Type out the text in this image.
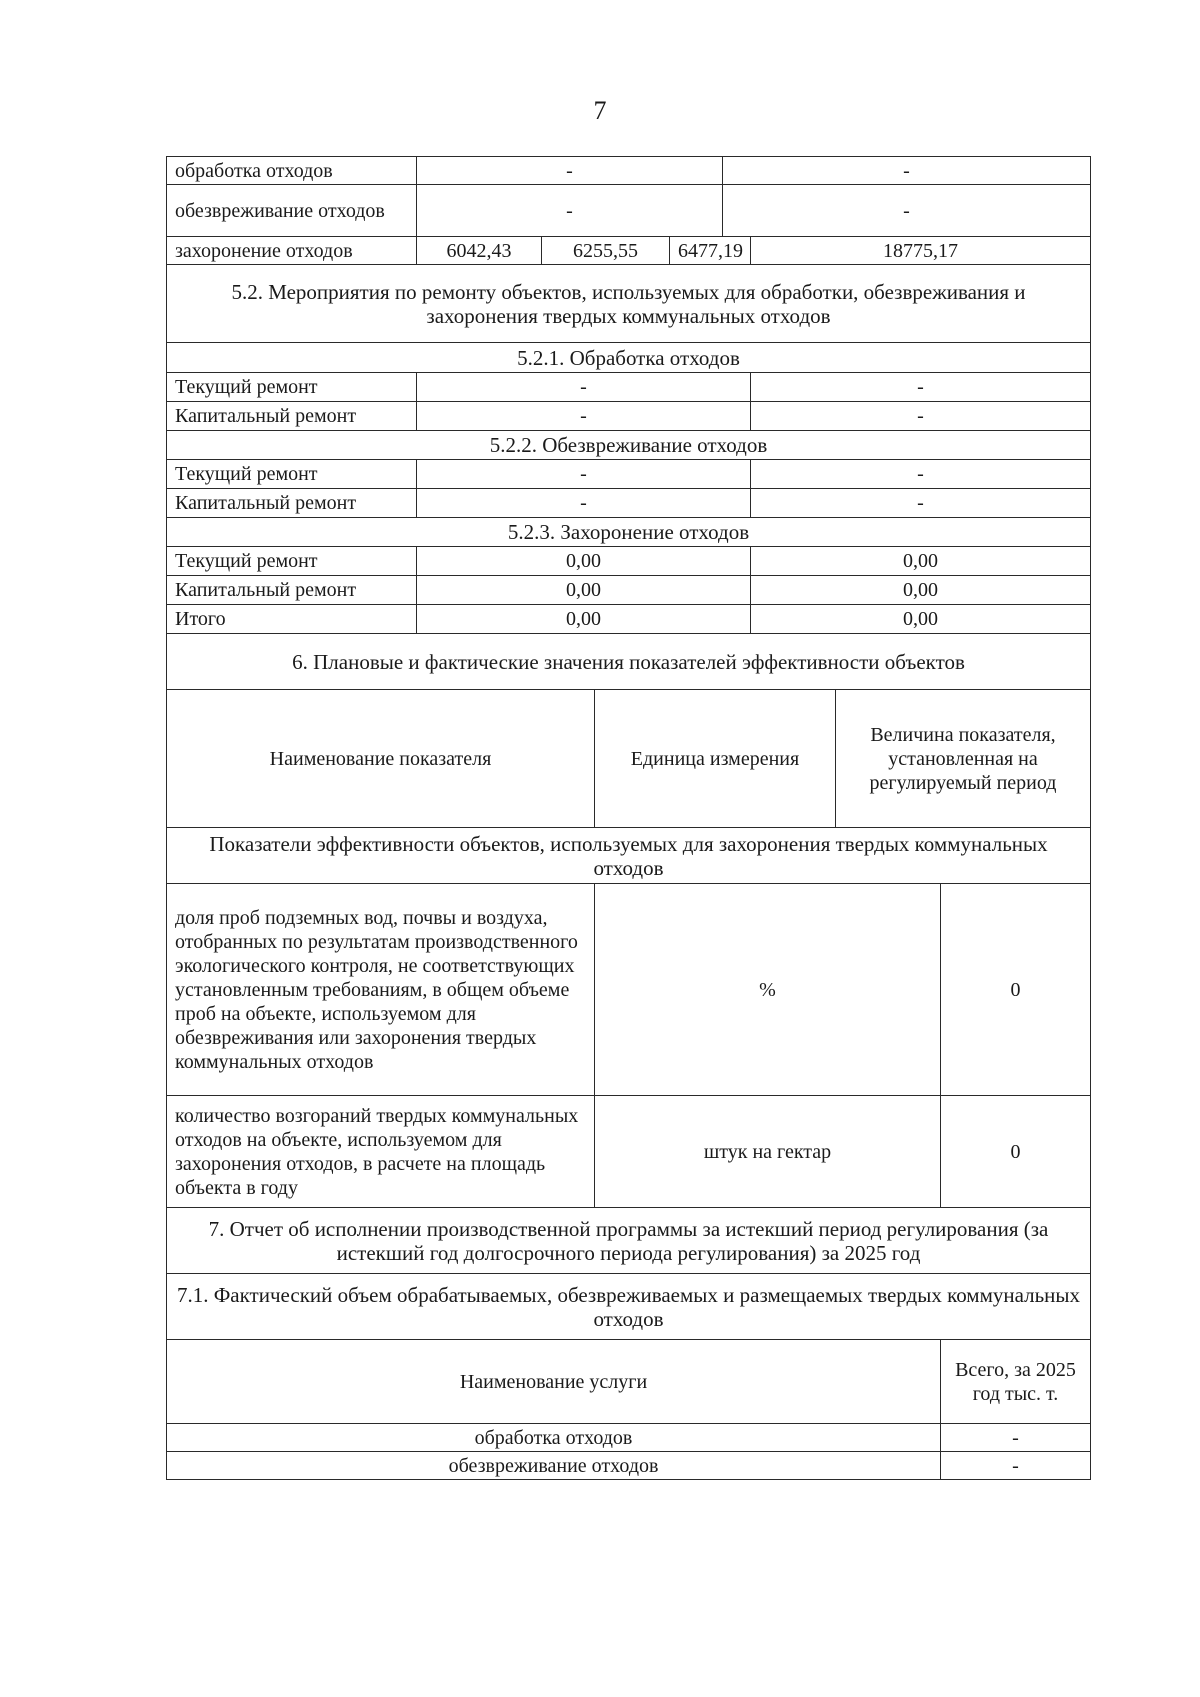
7
обработка отходов	-				-			
обезвреживание отходов	-				-			
захоронение отходов	6042,43	6255,55		6477,19		18775,17		
5.2. Мероприятия по ремонту объектов, используемых для обработки, обезвреживания и захоронения твердых коммунальных отходов								
5.2.1. Обработка отходов								
Текущий ремонт	-					-		
Капитальный ремонт	-					-		
5.2.2. Обезвреживание отходов								
Текущий ремонт	-					-		
Капитальный ремонт	-					-		
5.2.3. Захоронение отходов								
Текущий ремонт	0,00					0,00		
Капитальный ремонт	0,00					0,00		
Итого	0,00					0,00		
6. Плановые и фактические значения показателей эффективности объектов								
Наименование показателя			Единица измерения				Величина показателя, установленная на регулируемый период	
Показатели эффективности объектов, используемых для захоронения твердых коммунальных отходов								
доля проб подземных вод, почвы и воздуха, отобранных по результатам производственного экологического контроля, не соответствующих установленным требованиям, в общем объеме проб на объекте, используемом для обезвреживания или захоронения твердых коммунальных отходов			%					0
количество возгораний твердых коммунальных отходов на объекте, используемом для захоронения отходов, в расчете на площадь объекта в году			штук на гектар					0
7. Отчет об исполнении производственной программы за истекший период регулирования (за истекший год долгосрочного периода регулирования) за 2025 год								
7.1. Фактический объем обрабатываемых, обезвреживаемых и размещаемых твердых коммунальных отходов								
Наименование услуги								Всего, за 2025 год тыс. т.
обработка отходов								-
обезвреживание отходов								-
